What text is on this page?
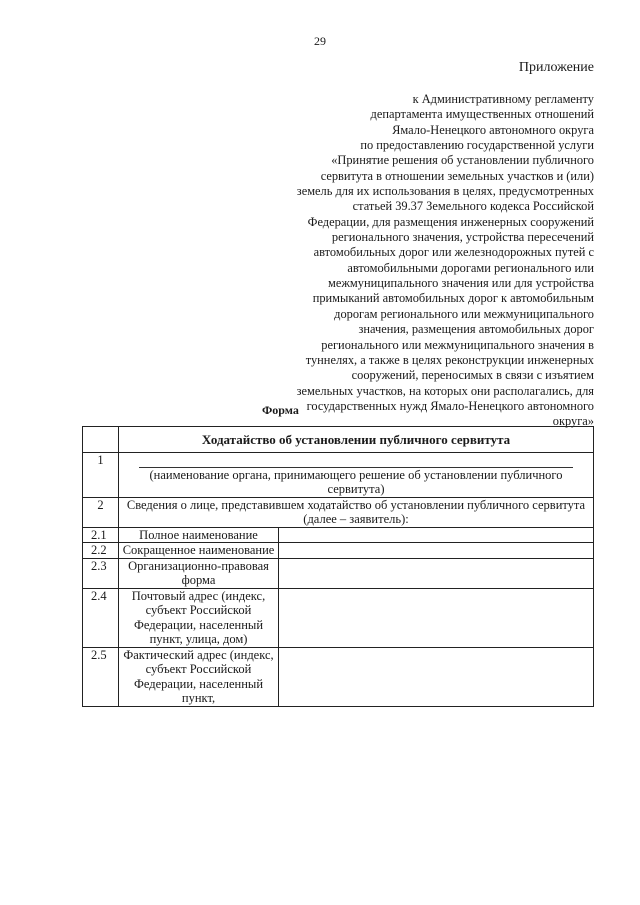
29
Приложение
к Административному регламенту
департамента имущественных отношений
Ямало-Ненецкого автономного округа
по предоставлению государственной услуги
«Принятие решения об установлении публичного
сервитута в отношении земельных участков и (или)
земель для их использования в целях, предусмотренных
статьей 39.37 Земельного кодекса Российской
Федерации, для размещения инженерных сооружений
регионального значения, устройства пересечений
автомобильных дорог или железнодорожных путей с
автомобильными дорогами регионального или
межмуниципального значения или для устройства
примыканий автомобильных дорог к автомобильным
дорогам регионального или межмуниципального
значения, размещения автомобильных дорог
регионального или межмуниципального значения в
туннелях, а также в целях реконструкции инженерных
сооружений, переносимых в связи с изъятием
земельных участков, на которых они располагались, для
государственных нужд Ямало-Ненецкого автономного
округа»
Форма
	Ходатайство об установлении публичного сервитута	
1	(наименование органа, принимающего решение об установлении публичного сервитута)	

2	Сведения о лице, представившем ходатайство об установлении публичного сервитута (далее – заявитель):	
2.1	Полное наименование	
2.2	Сокращенное наименование	
2.3	Организационно-правовая форма	
2.4	Почтовый адрес (индекс, субъект Российской Федерации, населенный пункт, улица, дом)	
2.5	Фактический адрес (индекс, субъект Российской Федерации, населенный пункт,	
